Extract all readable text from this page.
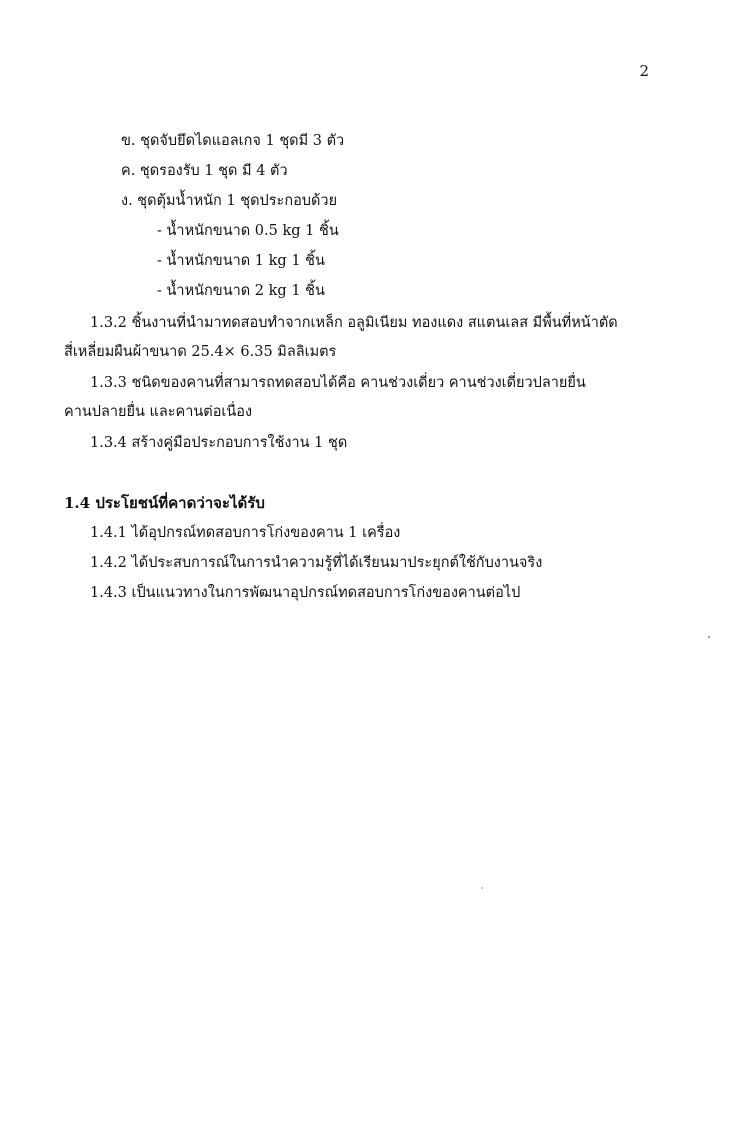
2
ข. ชุดจับยึดไดแอลเกจ 1 ชุดมี 3 ตัว
ค. ชุดรองรับ 1 ชุด มี 4 ตัว
ง. ชุดตุ้มน้ำหนัก 1 ชุดประกอบด้วย
- น้ำหนักขนาด 0.5 kg 1 ชิ้น
- น้ำหนักขนาด 1 kg 1 ชิ้น
- น้ำหนักขนาด 2 kg 1 ชิ้น
1.3.2 ชิ้นงานที่นำมาทดสอบทำจากเหล็ก อลูมิเนียม ทองแดง สแตนเลส มีพื้นที่หน้าตัด
สี่เหลี่ยมผืนผ้าขนาด 25.4× 6.35 มิลลิเมตร
1.3.3 ชนิดของคานที่สามารถทดสอบได้คือ คานช่วงเดี่ยว คานช่วงเดี่ยวปลายยื่น
คานปลายยื่น และคานต่อเนื่อง
1.3.4 สร้างคู่มือประกอบการใช้งาน 1 ชุด
1.4 ประโยชน์ที่คาดว่าจะได้รับ
1.4.1 ได้อุปกรณ์ทดสอบการโก่งของคาน 1 เครื่อง
1.4.2 ได้ประสบการณ์ในการนำความรู้ที่ได้เรียนมาประยุกต์ใช้กับงานจริง
1.4.3 เป็นแนวทางในการพัฒนาอุปกรณ์ทดสอบการโก่งของคานต่อไป
